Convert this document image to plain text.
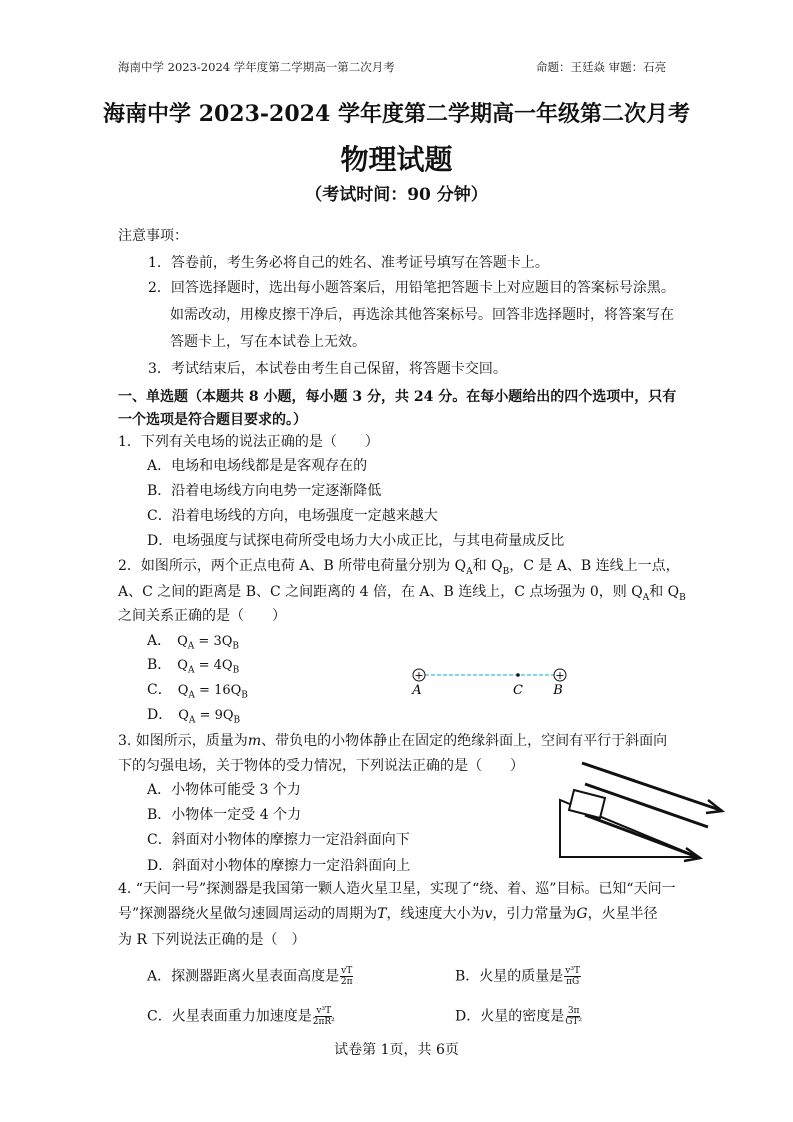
海南中学 2023-2024 学年度第二学期高一第二次月考	命题：王廷焱 审题：石亮
海南中学 2023-2024 学年度第二学期高一年级第二次月考
物理试题
（考试时间：90 分钟）
注意事项：
1．答卷前，考生务必将自己的姓名、准考证号填写在答题卡上。
2．回答选择题时，选出每小题答案后，用铅笔把答题卡上对应题目的答案标号涂黑。
如需改动，用橡皮擦干净后，再选涂其他答案标号。回答非选择题时，将答案写在
答题卡上，写在本试卷上无效。
3．考试结束后，本试卷由考生自己保留，将答题卡交回。
一、单选题（本题共 8 小题，每小题 3 分，共 24 分。在每小题给出的四个选项中，只有
一个选项是符合题目要求的。）
1．下列有关电场的说法正确的是（　　）
A．电场和电场线都是是客观存在的
B．沿着电场线方向电势一定逐渐降低
C．沿着电场线的方向，电场强度一定越来越大
D．电场强度与试探电荷所受电场力大小成正比，与其电荷量成反比
2．如图所示，两个正点电荷 A、B 所带电荷量分别为 $Q_A$和 $Q_B$，C 是 A、B 连线上一点，
A、C 之间的距离是 B、C 之间距离的 4 倍，在 A、B 连线上，C 点场强为 0，则 $Q_A$和 $Q_B$
之间关系正确的是（　　）
A． $Q_A = 3Q_B$
B． $Q_A = 4Q_B$
C． $Q_A = 16Q_B$
D． $Q_A = 9Q_B$
+	+
A	C B
3. 如图所示，质量为m、带负电的小物体静止在固定的绝缘斜面上，空间有平行于斜面向
下的匀强电场，关于物体的受力情况，下列说法正确的是（　　）
A．小物体可能受 3 个力
B．小物体一定受 4 个力
C．斜面对小物体的摩擦力一定沿斜面向下
D．斜面对小物体的摩擦力一定沿斜面向上
4. “天问一号”探测器是我国第一颗人造火星卫星，实现了“绕、着、巡”目标。已知“天问一
号”探测器绕火星做匀速圆周运动的周期为T，线速度大小为v，引力常量为G，火星半径
为 R 下列说法正确的是（　）
A．探测器距离火星表面高度是 $\frac{vT}{2\pi}$	B．火星的质量是 $\frac{\text{v³T}}{\pi G}$
C．火星表面重力加速度是 $\frac{\text{v³T}}{\text{2πR²}}$	D．火星的密度是 $\frac{3\pi}{\text{GT²}}$
试卷第 1页，共 6页
